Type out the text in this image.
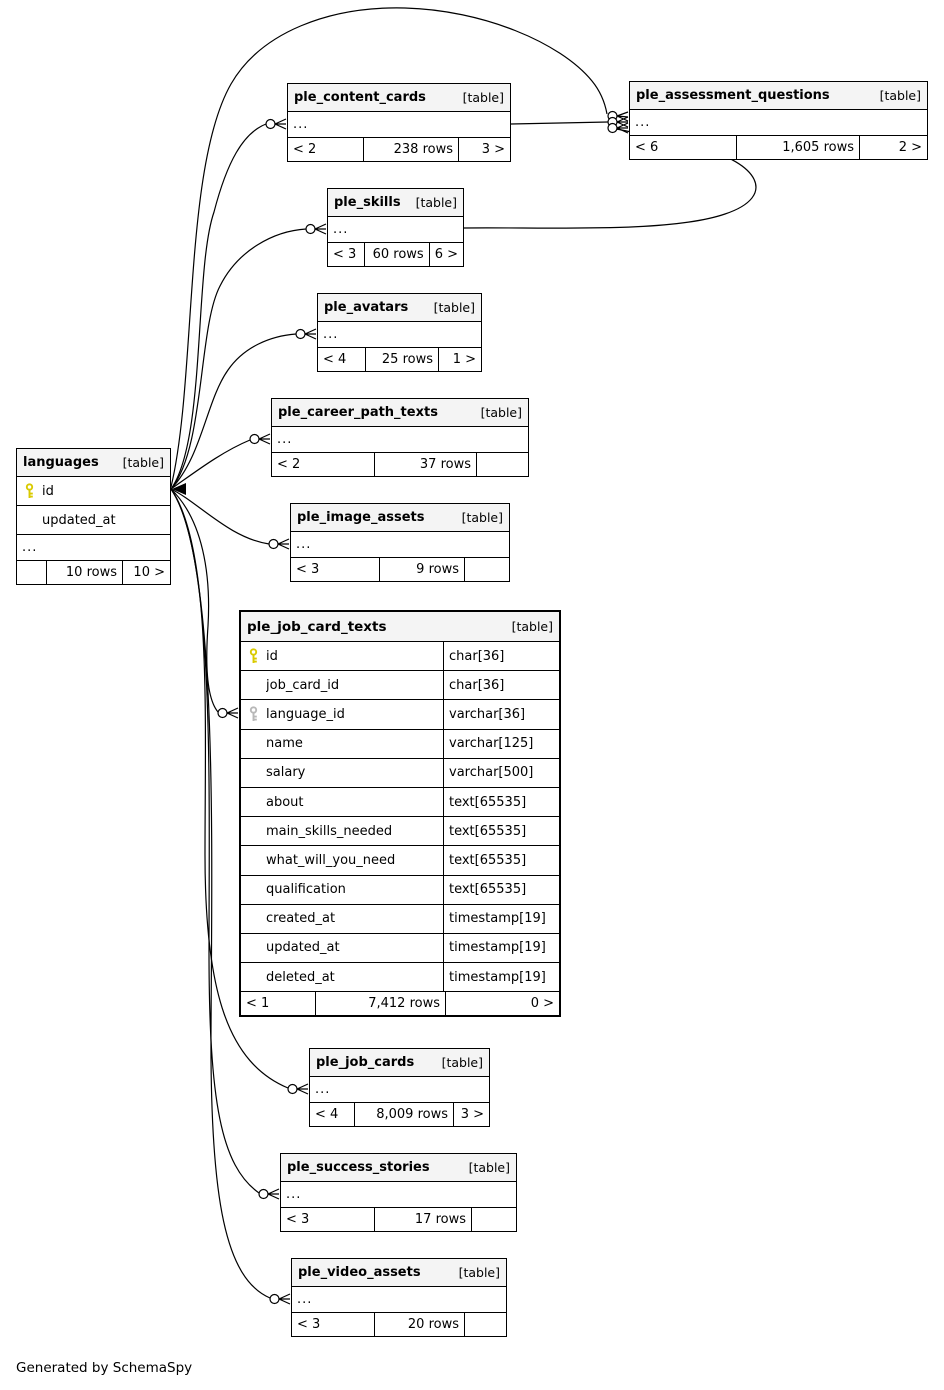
languages [table]
id
updated_at
...
10 rows	10 >
ple_content_cards	[table]
...
< 2	238 rows	3 >
ple_assessment_questions	[table]
...
< 6	1,605 rows	2 >
ple_skills [table]
...
< 3	60 rows 6 >
ple_avatars [table]
...
< 4	25 rows	1 >
ple_career_path_texts	[table]
...
< 2	37 rows
ple_image_assets	[table]
...
< 3	9 rows
ple_job_card_texts	[table]
id	char[36]
job_card_id	char[36]
language_id	varchar[36]
name	varchar[125]
salary	varchar[500]
about	text[65535]
main_skills_needed	text[65535]
what_will_you_need	text[65535]
qualification	text[65535]
created_at	timestamp[19]
updated_at	timestamp[19]
deleted_at	timestamp[19]
< 1	7,412 rows	0 >
ple_job_cards [table]
...
< 4	8,009 rows 3 >
ple_success_stories	[table]
...
< 3	17 rows
ple_video_assets	[table]
...
< 3	20 rows
Generated by SchemaSpy
